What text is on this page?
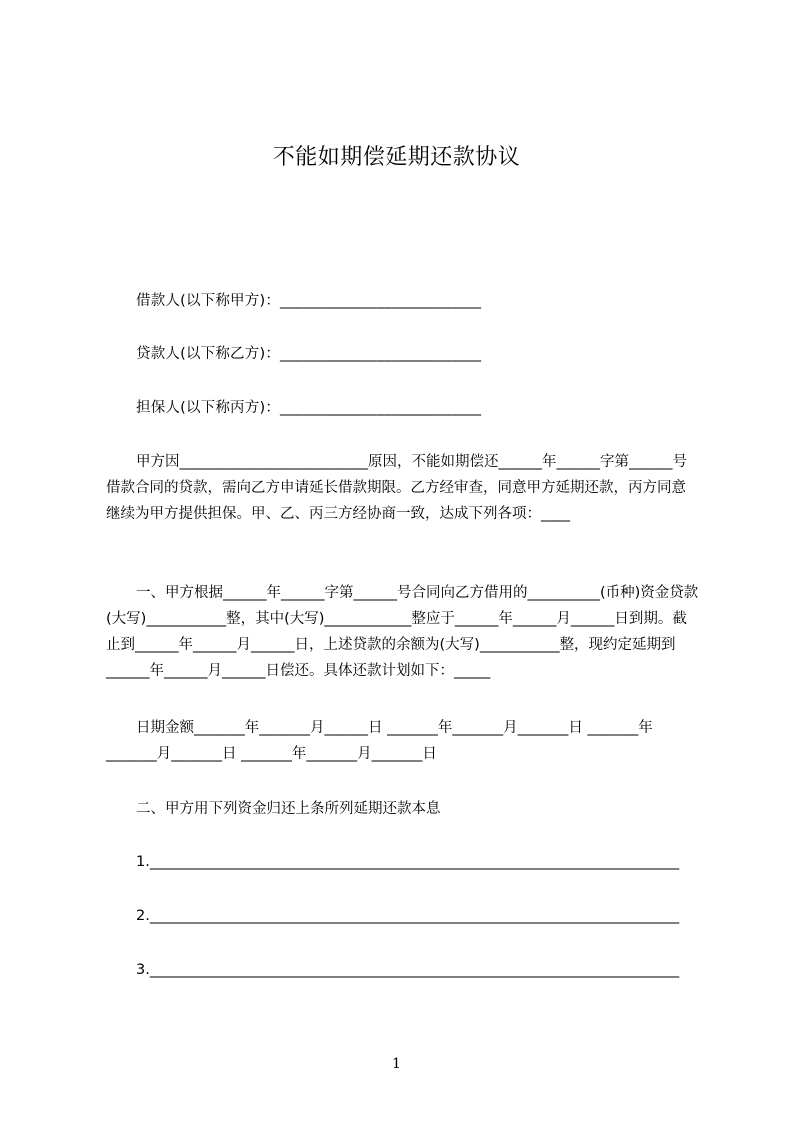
不能如期偿延期还款协议
借款人(以下称甲方)：___________________________
贷款人(以下称乙方)：___________________________
担保人(以下称丙方)：___________________________
甲方因__________________________原因，不能如期偿还______年______字第______号借款合同的贷款，需向乙方申请延长借款期限。乙方经审查，同意甲方延期还款，丙方同意继续为甲方提供担保。甲、乙、丙三方经协商一致，达成下列各项：____
一、甲方根据______年______字第______号合同向乙方借用的__________(币种)资金贷款(大写)___________整，其中(大写)____________整应于______年______月______日到期。截止到______年______月______日，上述贷款的余额为(大写)___________整，现约定延期到______年______月______日偿还。具体还款计划如下：_____
日期金额_______年_______月______日 _______年_______月_______日 _______年_______月_______日 _______年_______月_______日
二、甲方用下列资金归还上条所列延期还款本息
1._________________________________________________________________________
2._________________________________________________________________________
3._________________________________________________________________________
1
